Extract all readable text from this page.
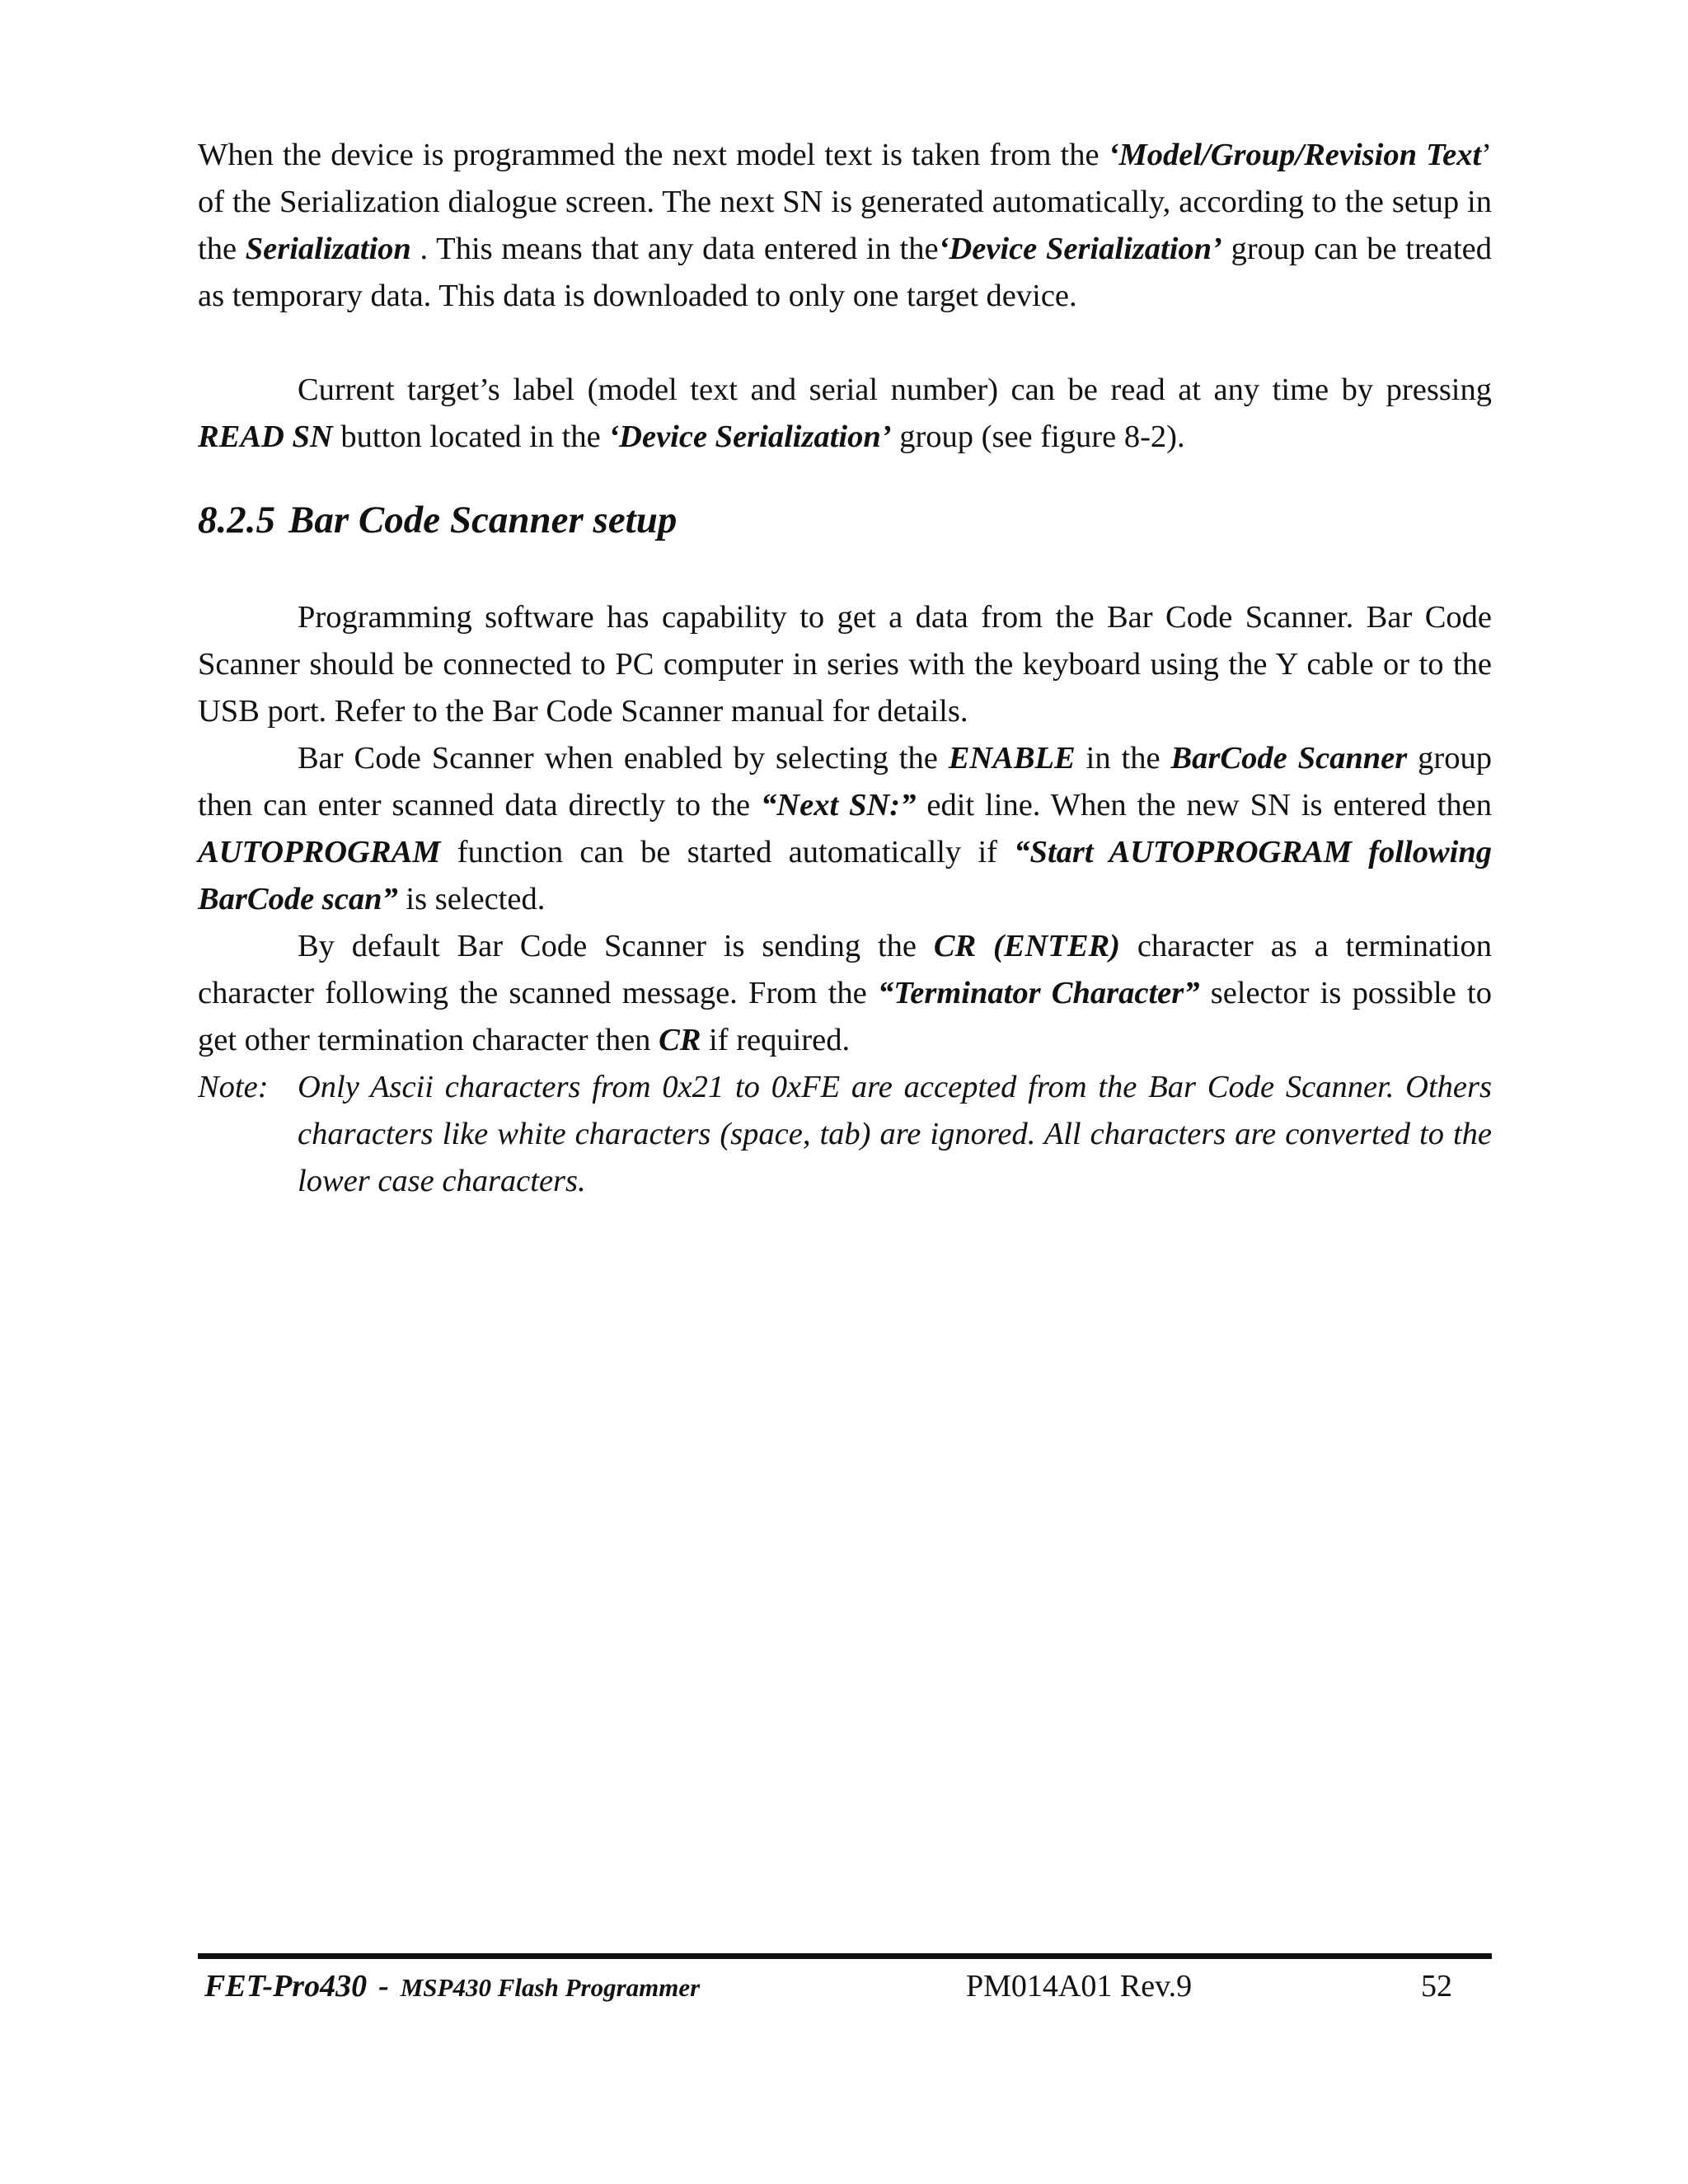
When the device is programmed the next model text is taken from the ‘Model/Group/Revision Text’ of the Serialization dialogue screen. The next SN is generated automatically, according to the setup in the Serialization . This means that any data entered in the‘Device Serialization’ group can be treated as temporary data. This data is downloaded to only one target device.

Current target’s label (model text and serial number) can be read at any time by pressing READ SN button located in the ‘Device Serialization’ group (see figure 8-2).

8.2.5 Bar Code Scanner setup

Programming software has capability to get a data from the Bar Code Scanner. Bar Code Scanner should be connected to PC computer in series with the keyboard using the Y cable or to the USB port. Refer to the Bar Code Scanner manual for details.

Bar Code Scanner when enabled by selecting the ENABLE in the BarCode Scanner group then can enter scanned data directly to the “Next SN:” edit line. When the new SN is entered then AUTOPROGRAM function can be started automatically if “Start AUTOPROGRAM following BarCode scan” is selected.

By default Bar Code Scanner is sending the CR (ENTER) character as a termination character following the scanned message. From the “Terminator Character” selector is possible to get other termination character then CR if required.

Note: Only Ascii characters from 0x21 to 0xFE are accepted from the Bar Code Scanner. Others characters like white characters (space, tab) are ignored. All characters are converted to the lower case characters.
FET-Pro430 - MSP430 Flash Programmer	PM014A01 Rev.9	52
